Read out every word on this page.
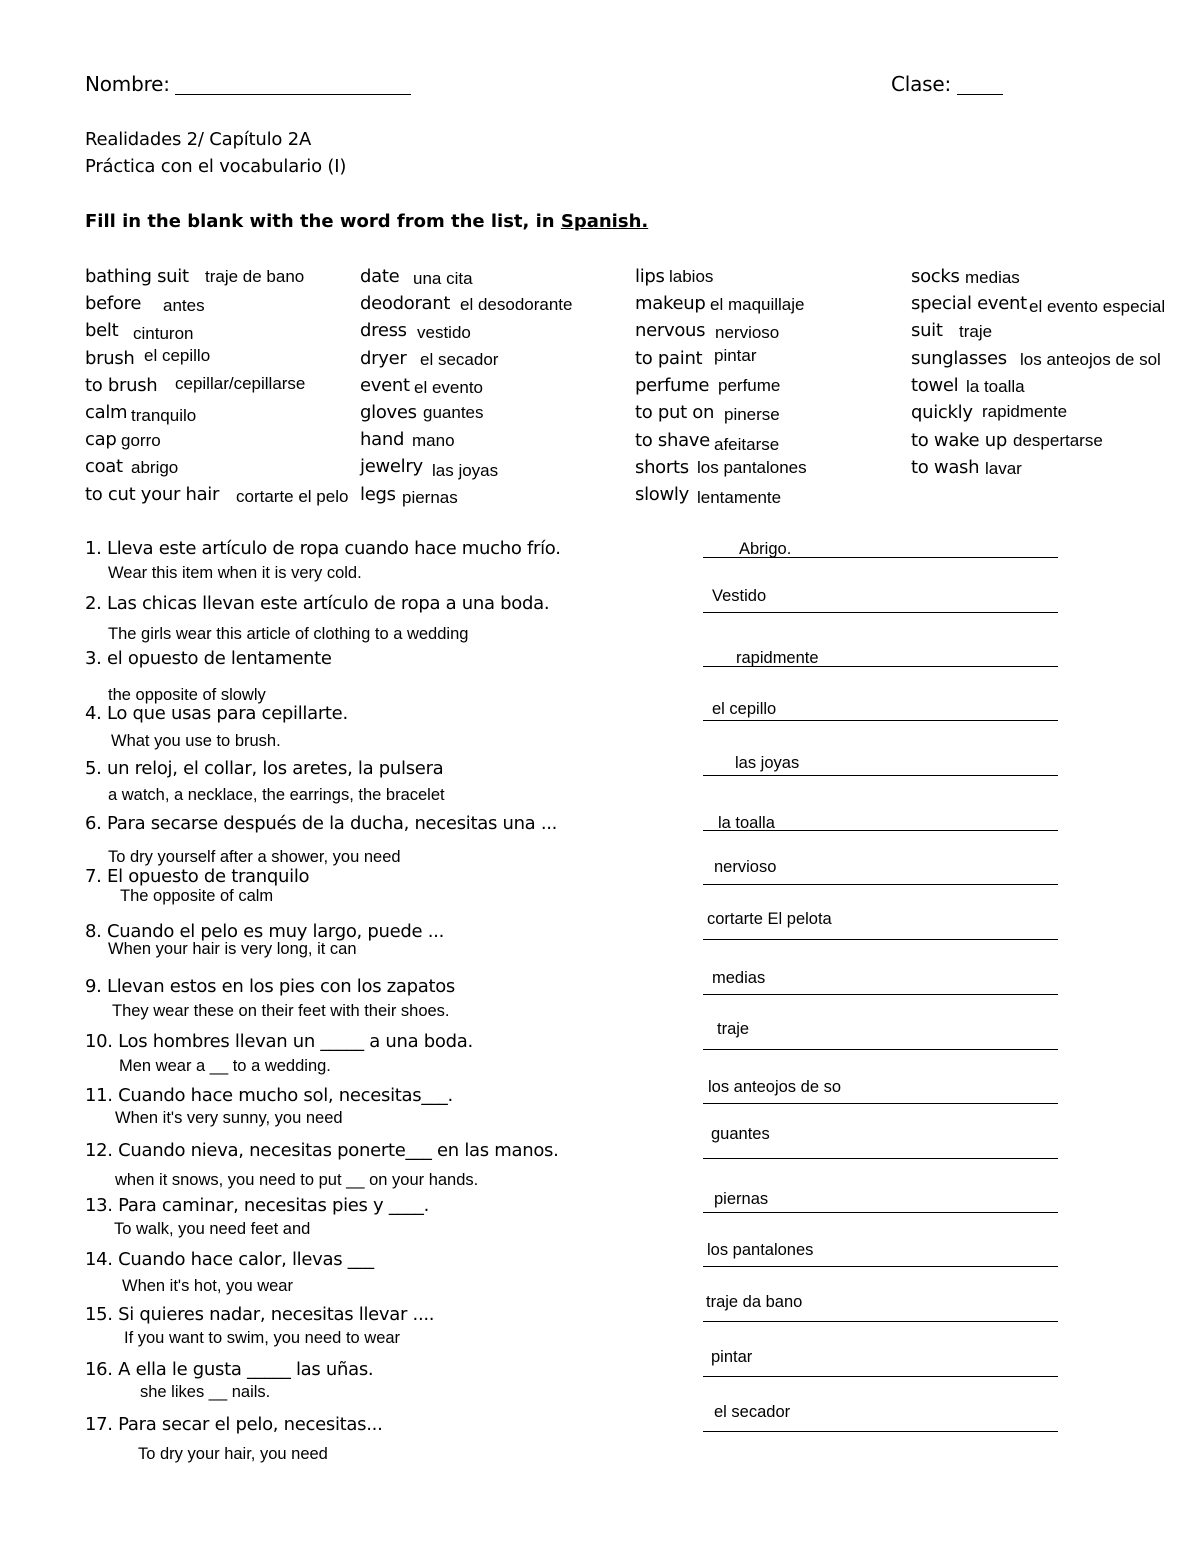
Nombre:	Clase:
Realidades 2/ Capítulo 2A
Práctica con el vocabulario (I)
Fill in the blank with the word from the list, in Spanish.
bathing suit traje de bano
before antes
belt cinturon
brush el cepillo
to brush cepillar/cepillarse
calm tranquilo
cap gorro
coat abrigo
to cut your hair cortarte el pelo
date una cita
deodorant el desodorante
dress vestido
dryer el secador
event el evento
gloves guantes
hand mano
jewelry las joyas
legs piernas
lips labios
makeup el maquillaje
nervous nervioso
to paint pintar
perfume perfume
to put on pinerse
to shave afeitarse
shorts los pantalones
slowly lentamente
socks medias
special event el evento especial
suit traje
sunglasses los anteojos de sol
towel la toalla
quickly rapidmente
to wake up despertarse
to wash lavar
1. Lleva este artículo de ropa cuando hace mucho frío.
Wear this item when it is very cold.
Abrigo.
2. Las chicas llevan este artículo de ropa a una boda.
The girls wear this article of clothing to a wedding
Vestido
3. el opuesto de lentamente
the opposite of slowly
rapidmente
4. Lo que usas para cepillarte.
What you use to brush.
el cepillo
5. un reloj, el collar, los aretes, la pulsera
a watch, a necklace, the earrings, the bracelet
las joyas
6. Para secarse después de la ducha, necesitas una ...
To dry yourself after a shower, you need
la toalla
7. El opuesto de tranquilo
The opposite of calm
nervioso
8. Cuando el pelo es muy largo, puede ...
When your hair is very long, it can
cortarte El pelota
9. Llevan estos en los pies con los zapatos
They wear these on their feet with their shoes.
medias
10. Los hombres llevan un _____ a una boda.
Men wear a __ to a wedding.
traje
11. Cuando hace mucho sol, necesitas___.
When it's very sunny, you need
los anteojos de so
12. Cuando nieva, necesitas ponerte___ en las manos.
when it snows, you need to put __ on your hands.
guantes
13. Para caminar, necesitas pies y ____.
To walk, you need feet and
piernas
14. Cuando hace calor, llevas ___
When it's hot, you wear
los pantalones
15. Si quieres nadar, necesitas llevar ....
If you want to swim, you need to wear
traje da bano
16. A ella le gusta _____ las uñas.
she likes __ nails.
pintar
17. Para secar el pelo, necesitas...
To dry your hair, you need
el secador
